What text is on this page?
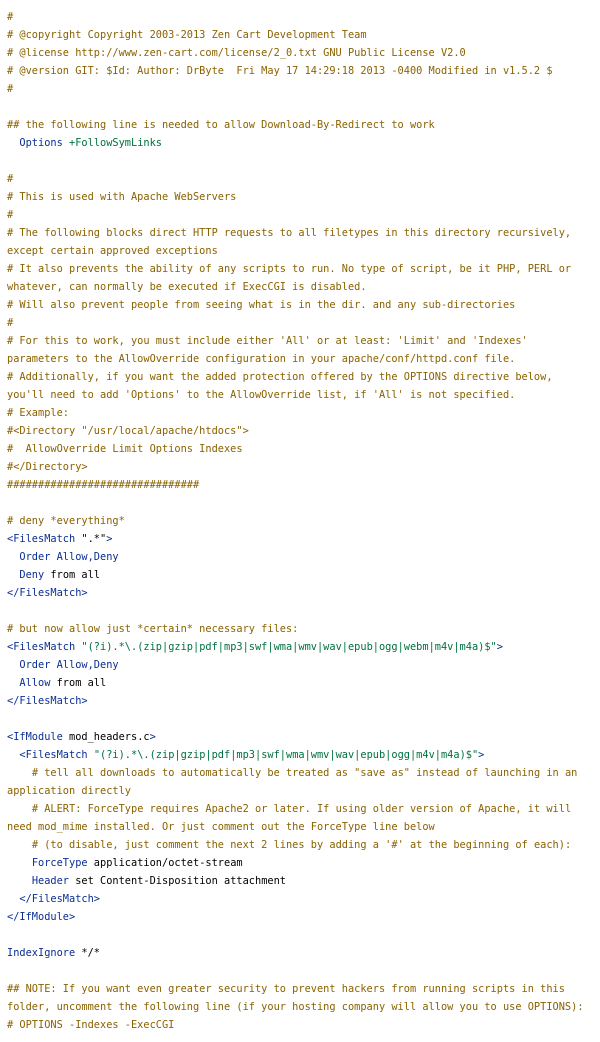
#
# @copyright Copyright 2003-2013 Zen Cart Development Team
# @license http://www.zen-cart.com/license/2_0.txt GNU Public License V2.0
# @version GIT: $Id: Author: DrByte  Fri May 17 14:29:18 2013 -0400 Modified in v1.5.2 $
#
## the following line is needed to allow Download-By-Redirect to work
Options +FollowSymLinks
#
# This is used with Apache WebServers
#
# The following blocks direct HTTP requests to all filetypes in this directory recursively, except certain approved exceptions
# It also prevents the ability of any scripts to run. No type of script, be it PHP, PERL or whatever, can normally be executed if ExecCGI is disabled.
# Will also prevent people from seeing what is in the dir. and any sub-directories
#
# For this to work, you must include either 'All' or at least: 'Limit' and 'Indexes' parameters to the AllowOverride configuration in your apache/conf/httpd.conf file.
# Additionally, if you want the added protection offered by the OPTIONS directive below, you'll need to add 'Options' to the AllowOverride list, if 'All' is not specified.
# Example:
#<Directory "/usr/local/apache/htdocs">
#  AllowOverride Limit Options Indexes
#</Directory>
###############################
# deny *everything*
<FilesMatch ".*">
Order Allow,Deny
Deny from all
</FilesMatch>
# but now allow just *certain* necessary files:
<FilesMatch "(?i).*\.(zip|gzip|pdf|mp3|swf|wma|wmv|wav|epub|ogg|webm|m4v|m4a)$">
Order Allow,Deny
Allow from all
</FilesMatch>
<IfModule mod_headers.c>
<FilesMatch "(?i).*\.(zip|gzip|pdf|mp3|swf|wma|wmv|wav|epub|ogg|m4v|m4a)$">
# tell all downloads to automatically be treated as "save as" instead of launching in an application directly
# ALERT: ForceType requires Apache2 or later. If using older version of Apache, it will need mod_mime installed. Or just comment out the ForceType line below
# (to disable, just comment the next 2 lines by adding a '#' at the beginning of each):
ForceType application/octet-stream
Header set Content-Disposition attachment
</FilesMatch>
</IfModule>
IndexIgnore */*
## NOTE: If you want even greater security to prevent hackers from running scripts in this folder, uncomment the following line (if your hosting company will allow you to use OPTIONS):
# OPTIONS -Indexes -ExecCGI
